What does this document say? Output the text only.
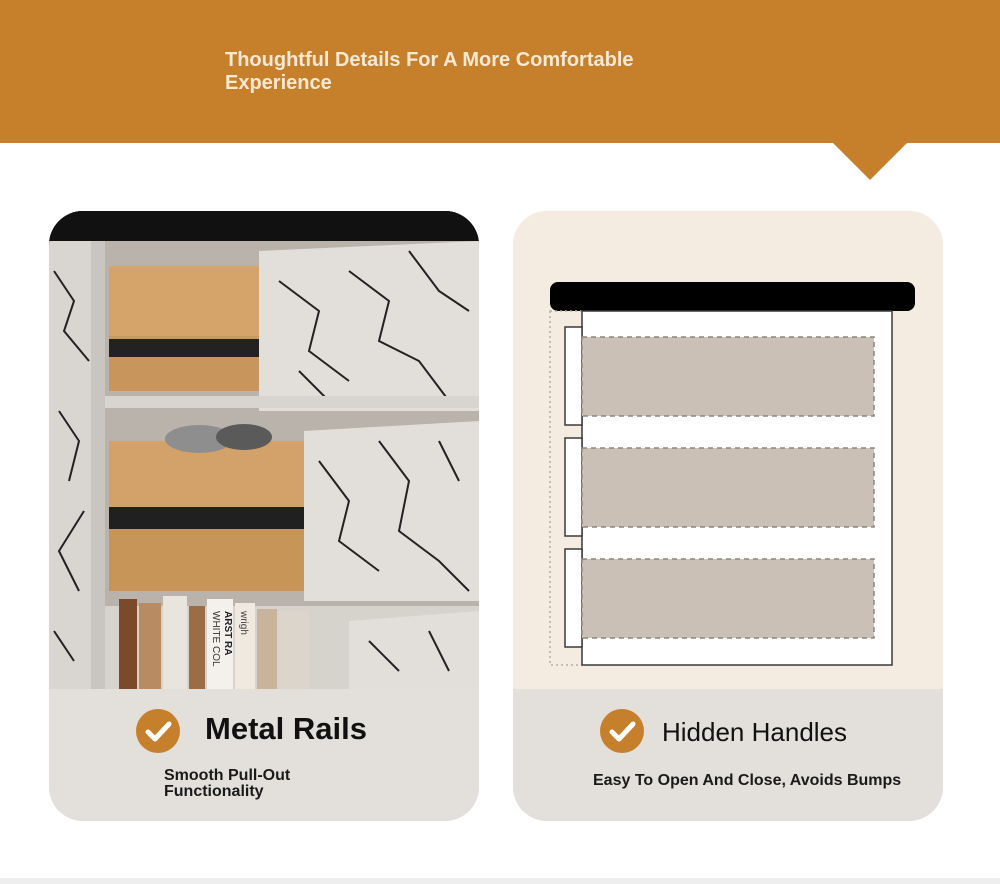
Thoughtful Details For A More Comfortable Experience
WHITE COL ARST RA wrigh
Metal Rails
Smooth Pull-Out
Functionality
Hidden Handles
Easy To Open And Close, Avoids Bumps
